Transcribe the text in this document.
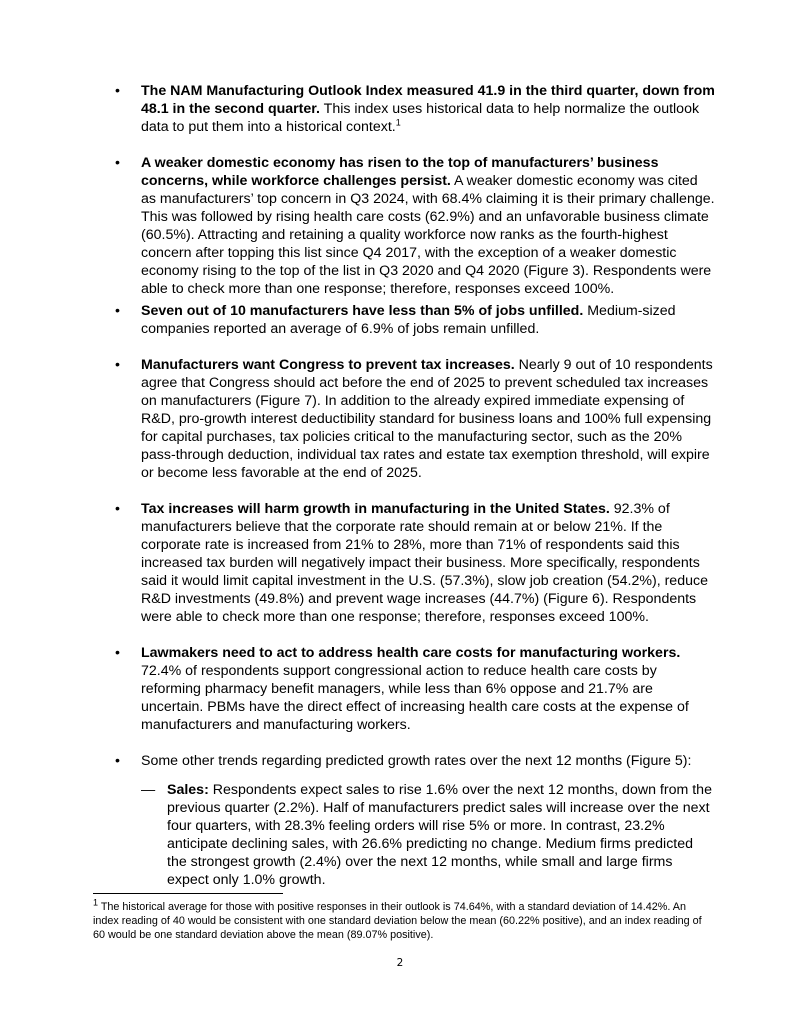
• The NAM Manufacturing Outlook Index measured 41.9 in the third quarter, down from 48.1 in the second quarter. This index uses historical data to help normalize the outlook data to put them into a historical context.$^1$

• A weaker domestic economy has risen to the top of manufacturers’ business concerns, while workforce challenges persist. A weaker domestic economy was cited as manufacturers’ top concern in Q3 2024, with 68.4% claiming it is their primary challenge. This was followed by rising health care costs (62.9%) and an unfavorable business climate (60.5%). Attracting and retaining a quality workforce now ranks as the fourth-highest concern after topping this list since Q4 2017, with the exception of a weaker domestic economy rising to the top of the list in Q3 2020 and Q4 2020 (Figure 3). Respondents were able to check more than one response; therefore, responses exceed 100%.

• Seven out of 10 manufacturers have less than 5% of jobs unfilled. Medium-sized companies reported an average of 6.9% of jobs remain unfilled.

• Manufacturers want Congress to prevent tax increases. Nearly 9 out of 10 respondents agree that Congress should act before the end of 2025 to prevent scheduled tax increases on manufacturers (Figure 7). In addition to the already expired immediate expensing of R&D, pro-growth interest deductibility standard for business loans and 100% full expensing for capital purchases, tax policies critical to the manufacturing sector, such as the 20% pass-through deduction, individual tax rates and estate tax exemption threshold, will expire or become less favorable at the end of 2025.

• Tax increases will harm growth in manufacturing in the United States. 92.3% of manufacturers believe that the corporate rate should remain at or below 21%. If the corporate rate is increased from 21% to 28%, more than 71% of respondents said this increased tax burden will negatively impact their business. More specifically, respondents said it would limit capital investment in the U.S. (57.3%), slow job creation (54.2%), reduce R&D investments (49.8%) and prevent wage increases (44.7%) (Figure 6). Respondents were able to check more than one response; therefore, responses exceed 100%.

• Lawmakers need to act to address health care costs for manufacturing workers. 72.4% of respondents support congressional action to reduce health care costs by reforming pharmacy benefit managers, while less than 6% oppose and 21.7% are uncertain. PBMs have the direct effect of increasing health care costs at the expense of manufacturers and manufacturing workers.

• Some other trends regarding predicted growth rates over the next 12 months (Figure 5):

— Sales: Respondents expect sales to rise 1.6% over the next 12 months, down from the previous quarter (2.2%). Half of manufacturers predict sales will increase over the next four quarters, with 28.3% feeling orders will rise 5% or more. In contrast, 23.2% anticipate declining sales, with 26.6% predicting no change. Medium firms predicted the strongest growth (2.4%) over the next 12 months, while small and large firms expect only 1.0% growth.

$^1$ The historical average for those with positive responses in their outlook is 74.64%, with a standard deviation of 14.42%. An index reading of 40 would be consistent with one standard deviation below the mean (60.22% positive), and an index reading of 60 would be one standard deviation above the mean (89.07% positive).
2
